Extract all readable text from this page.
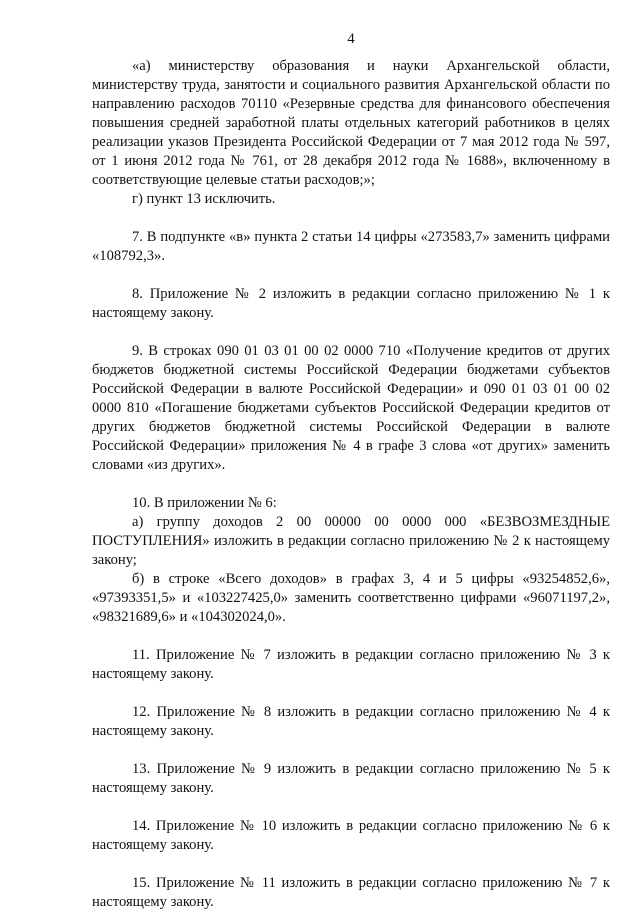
4

«а) министерству образования и науки Архангельской области, министерству труда, занятости и социального развития Архангельской области по направлению расходов 70110 «Резервные средства для финансового обеспечения повышения средней заработной платы отдельных категорий работников в целях реализации указов Президента Российской Федерации от 7 мая 2012 года № 597, от 1 июня 2012 года № 761, от 28 декабря 2012 года № 1688», включенному в соответствующие целевые статьи расходов;»;

г) пункт 13 исключить.

7. В подпункте «в» пункта 2 статьи 14 цифры «273583,7» заменить цифрами «108792,3».

8. Приложение № 2 изложить в редакции согласно приложению № 1 к настоящему закону.

9. В строках 090 01 03 01 00 02 0000 710 «Получение кредитов от других бюджетов бюджетной системы Российской Федерации бюджетами субъектов Российской Федерации в валюте Российской Федерации» и 090 01 03 01 00 02 0000 810 «Погашение бюджетами субъектов Российской Федерации кредитов от других бюджетов бюджетной системы Российской Федерации в валюте Российской Федерации» приложения № 4 в графе 3 слова «от других» заменить словами «из других».

10. В приложении № 6:

а) группу доходов 2 00 00000 00 0000 000 «БЕЗВОЗМЕЗДНЫЕ ПОСТУПЛЕНИЯ» изложить в редакции согласно приложению № 2 к настоящему закону;

б) в строке «Всего доходов» в графах 3, 4 и 5 цифры «93254852,6», «97393351,5» и «103227425,0» заменить соответственно цифрами «96071197,2», «98321689,6» и «104302024,0».

11. Приложение № 7 изложить в редакции согласно приложению № 3 к настоящему закону.

12. Приложение № 8 изложить в редакции согласно приложению № 4 к настоящему закону.

13. Приложение № 9 изложить в редакции согласно приложению № 5 к настоящему закону.

14. Приложение № 10 изложить в редакции согласно приложению № 6 к настоящему закону.

15. Приложение № 11 изложить в редакции согласно приложению № 7 к настоящему закону.
